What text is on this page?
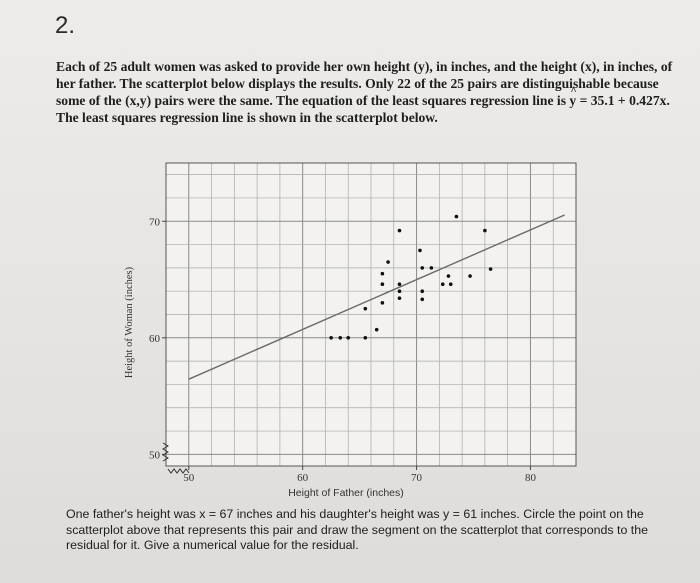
2.

Each of 25 adult women was asked to provide her own height (y), in inches, and the height (x), in inches, of her father. The scatterplot below displays the results. Only 22 of the 25 pairs are distinguishable because some of the (x,y) pairs were the same. The equation of the least squares regression line is ^ y = 35.1 + 0.427x. The least squares regression line is shown in the scatterplot below.

50
60
70
50	60	70	80
Height of Woman (inches)
Height of Father (inches)

One father's height was x = 67 inches and his daughter's height was y = 61 inches. Circle the point on the scatterplot above that represents this pair and draw the segment on the scatterplot that corresponds to the residual for it. Give a numerical value for the residual.
